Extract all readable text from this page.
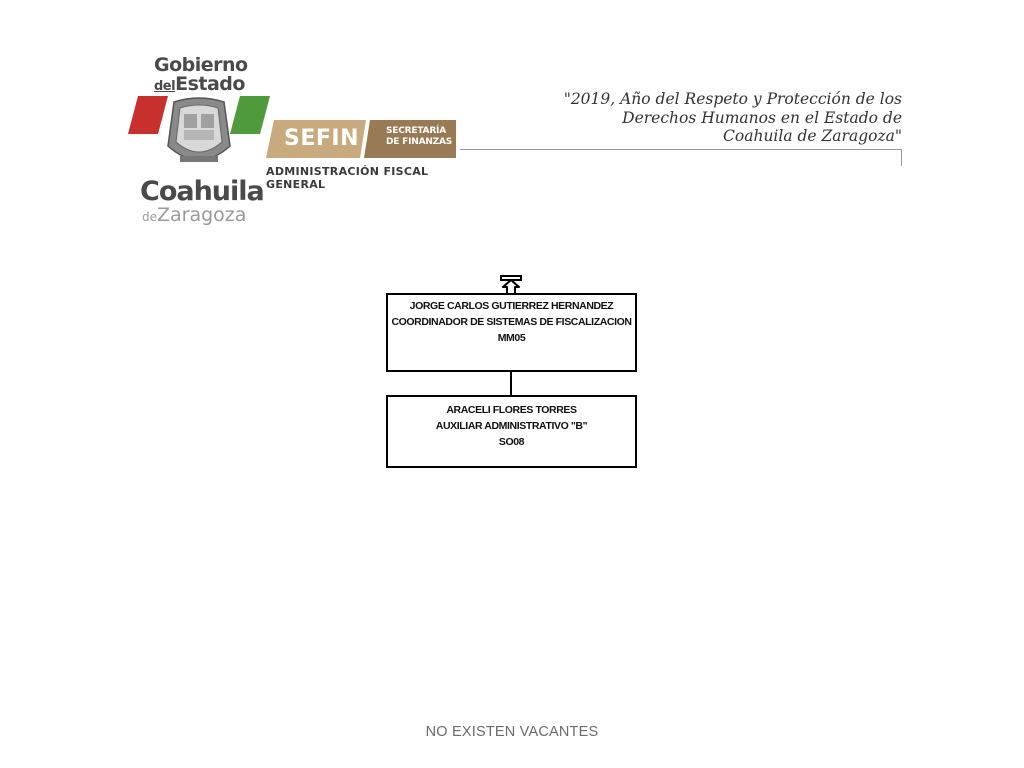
Gobierno
delEstado
SEFIN	SECRETARÍA
DE FINANZAS
ADMINISTRACIÓN FISCAL GENERAL
Coahuila
deZaragoza
"2019, Año del Respeto y Protección de los
Derechos Humanos en el Estado de
Coahuila de Zaragoza"
JORGE CARLOS GUTIERREZ HERNANDEZ
COORDINADOR DE SISTEMAS DE FISCALIZACION
MM05
ARACELI FLORES TORRES
AUXILIAR ADMINISTRATIVO "B"
SO08
NO EXISTEN VACANTES
